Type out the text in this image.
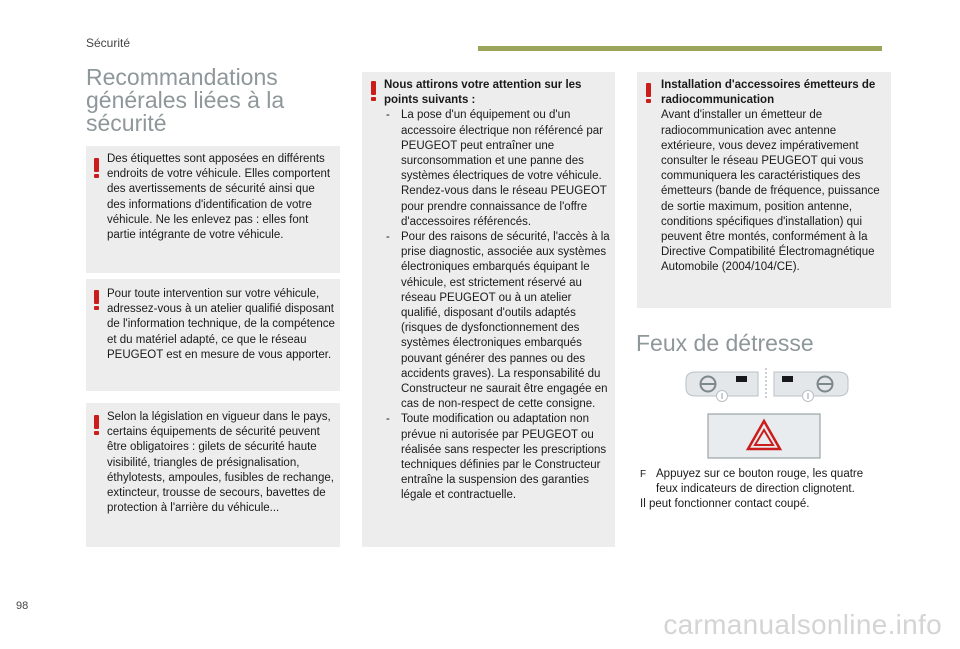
Sécurité
Recommandations générales liées à la sécurité

Des étiquettes sont apposées en différents endroits de votre véhicule. Elles comportent des avertissements de sécurité ainsi que des informations d'identification de votre véhicule. Ne les enlevez pas : elles font partie intégrante de votre véhicule.

Pour toute intervention sur votre véhicule, adressez-vous à un atelier qualifié disposant de l'information technique, de la compétence et du matériel adapté, ce que le réseau PEUGEOT est en mesure de vous apporter.

Selon la législation en vigueur dans le pays, certains équipements de sécurité peuvent être obligatoires : gilets de sécurité haute visibilité, triangles de présignalisation, éthylotests, ampoules, fusibles de rechange, extincteur, trousse de secours, bavettes de protection à l'arrière du véhicule...

Nous attirons votre attention sur les points suivants :

- La pose d'un équipement ou d'un accessoire électrique non référencé par PEUGEOT peut entraîner une surconsommation et une panne des systèmes électriques de votre véhicule. Rendez-vous dans le réseau PEUGEOT pour prendre connaissance de l'offre d'accessoires référencés.
- Pour des raisons de sécurité, l'accès à la prise diagnostic, associée aux systèmes électroniques embarqués équipant le véhicule, est strictement réservé au réseau PEUGEOT ou à un atelier qualifié, disposant d'outils adaptés (risques de dysfonctionnement des systèmes électroniques embarqués pouvant générer des pannes ou des accidents graves). La responsabilité du Constructeur ne saurait être engagée en cas de non-respect de cette consigne.
- Toute modification ou adaptation non prévue ni autorisée par PEUGEOT ou réalisée sans respecter les prescriptions techniques définies par le Constructeur entraîne la suspension des garanties légale et contractuelle.

Installation d'accessoires émetteurs de radiocommunication

Avant d'installer un émetteur de radiocommunication avec antenne extérieure, vous devez impérativement consulter le réseau PEUGEOT qui vous communiquera les caractéristiques des émetteurs (bande de fréquence, puissance de sortie maximum, position antenne, conditions spécifiques d'installation) qui peuvent être montés, conformément à la Directive Compatibilité Électromagnétique Automobile (2004/104/CE).

Feux de détresse
F Appuyez sur ce bouton rouge, les quatre feux indicateurs de direction clignotent.
Il peut fonctionner contact coupé.
98
carmanualsonline.info
